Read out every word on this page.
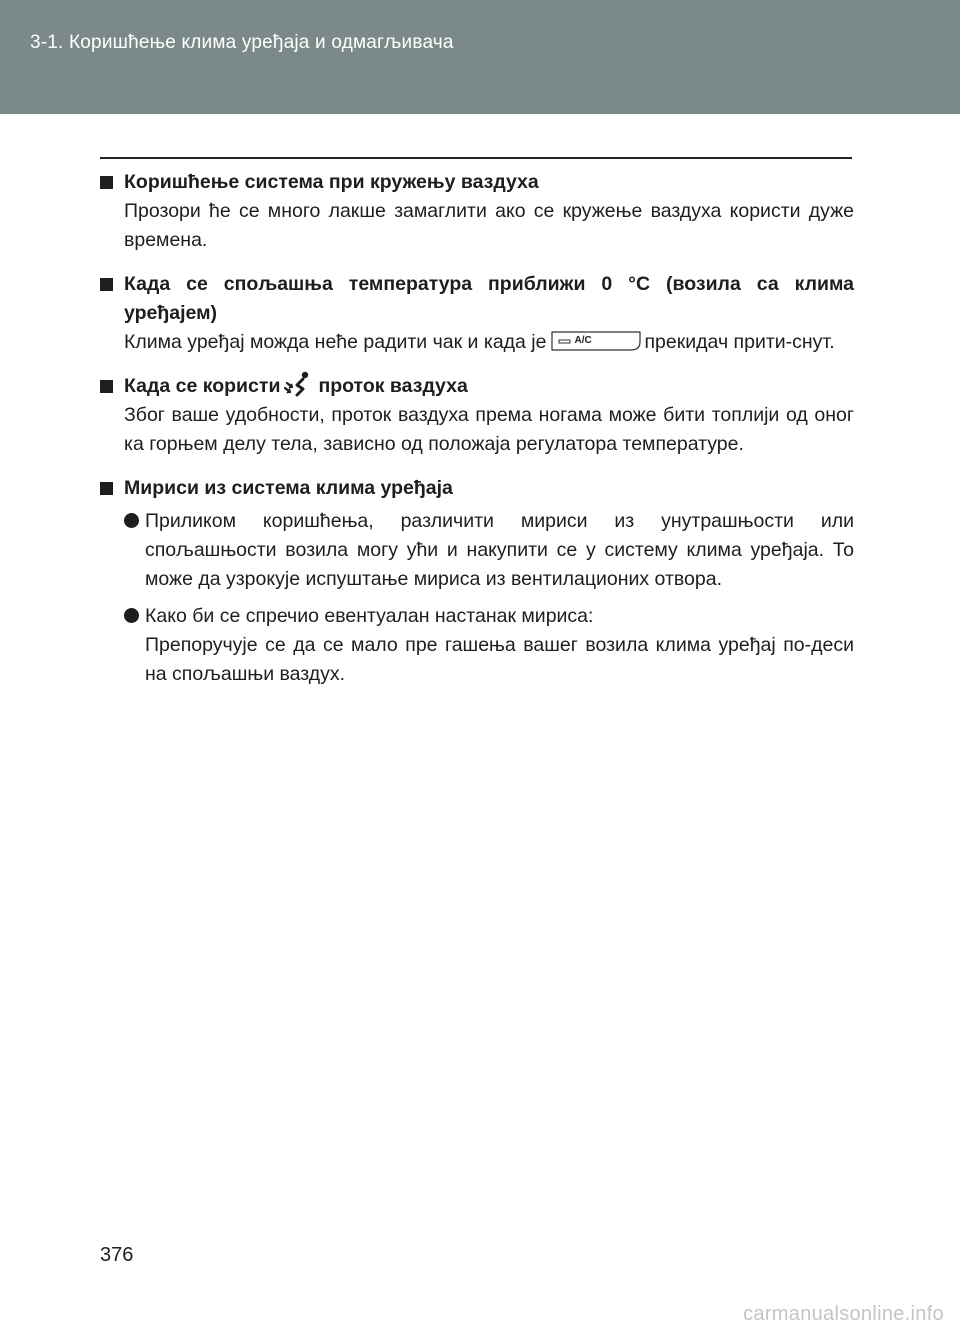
3-1. Коришћење клима уређаја и одмагљивача
Коришћење система при кружењу ваздуха
Прозори ће се много лакше замаглити ако се кружење ваздуха користи дуже времена.
Када се спољашња температура приближи 0 °C (возила са клима уређајем)
Клима уређај можда неће радити чак и када је	A/C	прекидач прити-снут.
Када се користи проток ваздуха
Због ваше удобности, проток ваздуха према ногама може бити топлији од оног ка горњем делу тела, зависно од положаја регулатора температуре.
Мириси из система клима уређаја
Приликом коришћења, различити мириси из унутрашњости или спољашњости возила могу ући и накупити се у систему клима уређаја. То може да узрокује испуштање мириса из вентилационих отвора.
Како би се спречио евентуалан настанак мириса:
Препоручује се да се мало пре гашења вашег возила клима уређај по-деси на спољашњи ваздух.
376
carmanualsonline.info
